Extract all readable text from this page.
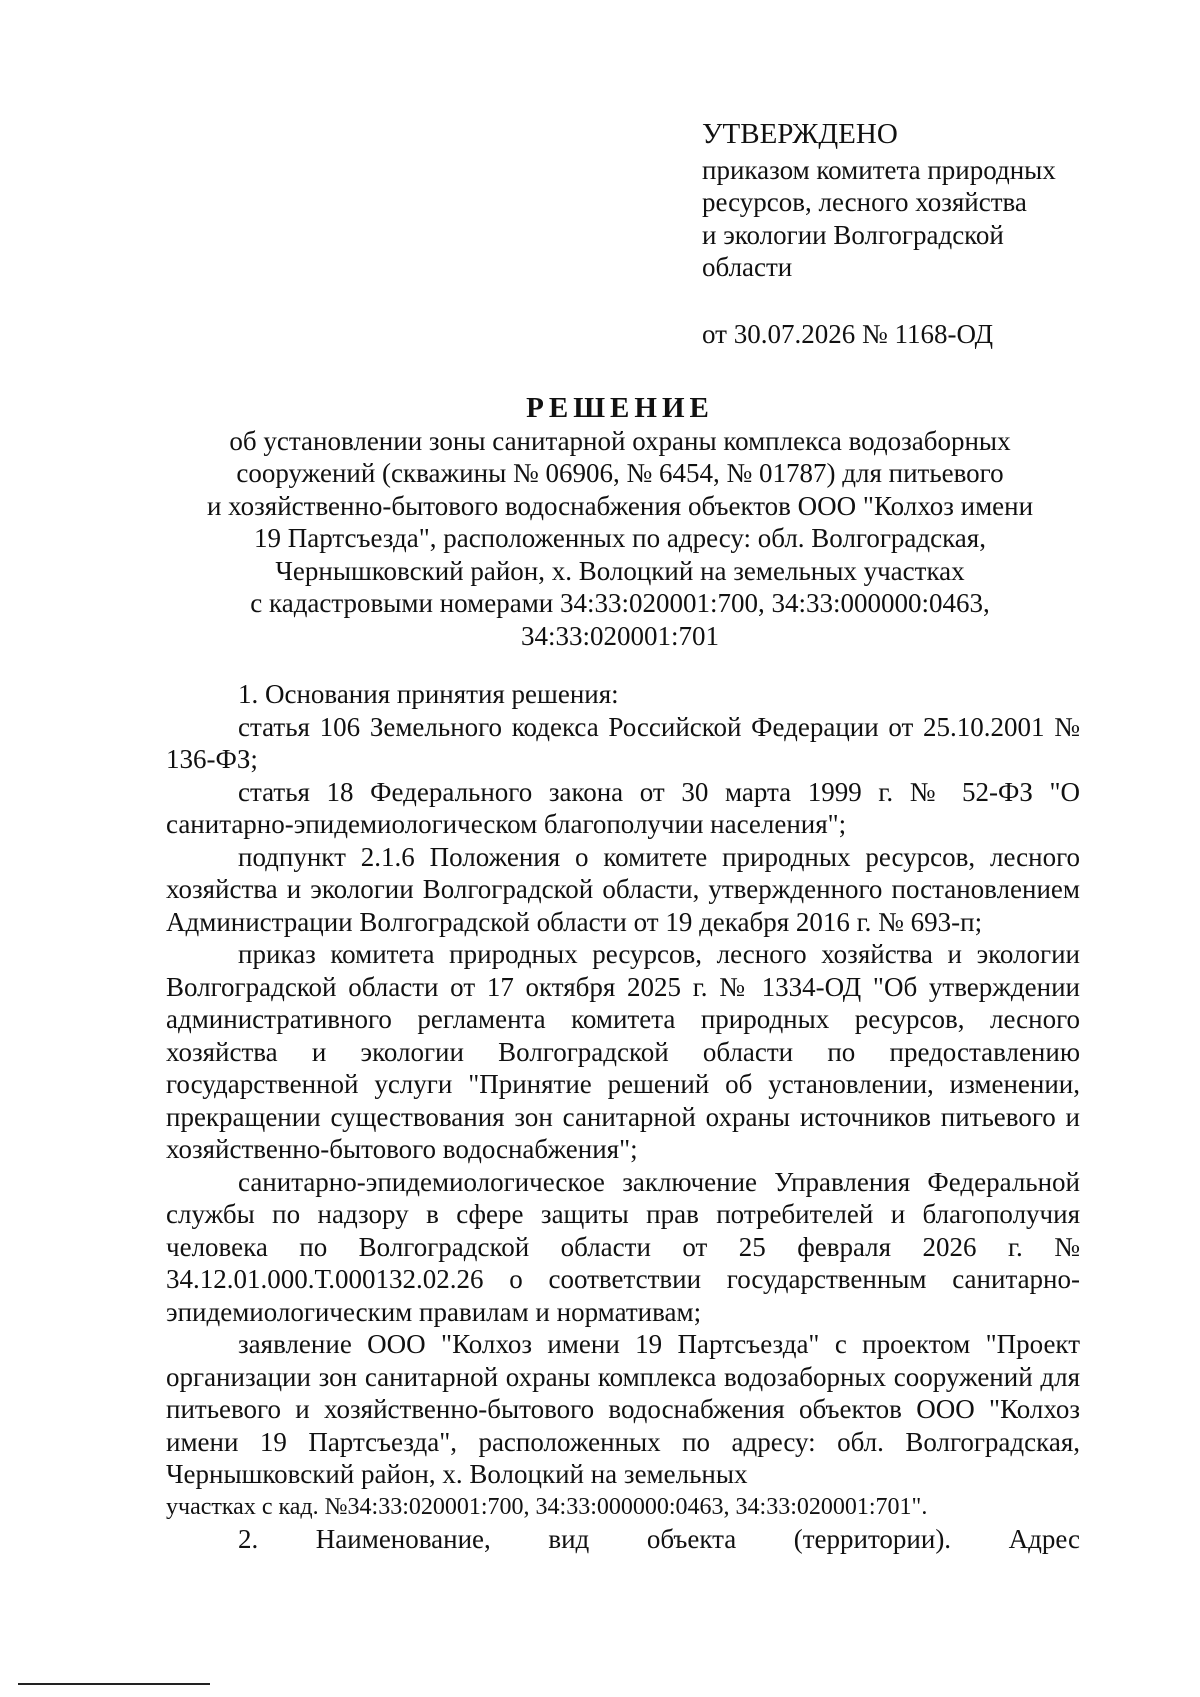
УТВЕРЖДЕНО
приказом комитета природных
ресурсов, лесного хозяйства
и экологии Волгоградской
области
от 30.07.2026 № 1168-ОД
РЕШЕНИЕ
об установлении зоны санитарной охраны комплекса водозаборных
сооружений (скважины № 06906, № 6454, № 01787) для питьевого
и хозяйственно-бытового водоснабжения объектов ООО "Колхоз имени
19 Партсъезда", расположенных по адресу: обл. Волгоградская,
Чернышковский район, х. Волоцкий на земельных участках
с кадастровыми номерами 34:33:020001:700, 34:33:000000:0463,
34:33:020001:701

1. Основания принятия решения:

статья 106 Земельного кодекса Российской Федерации от 25.10.2001 № 136-ФЗ;

статья 18 Федерального закона от 30 марта 1999 г. № 52-ФЗ "О санитарно-эпидемиологическом благополучии населения";

подпункт 2.1.6 Положения о комитете природных ресурсов, лесного хозяйства и экологии Волгоградской области, утвержденного постановлением Администрации Волгоградской области от 19 декабря 2016 г. № 693-п;

приказ комитета природных ресурсов, лесного хозяйства и экологии Волгоградской области от 17 октября 2025 г. № 1334-ОД "Об утверждении административного регламента комитета природных ресурсов, лесного хозяйства и экологии Волгоградской области по предоставлению государственной услуги "Принятие решений об установлении, изменении, прекращении существования зон санитарной охраны источников питьевого и хозяйственно-бытового водоснабжения";

санитарно-эпидемиологическое заключение Управления Федеральной службы по надзору в сфере защиты прав потребителей и благополучия человека по Волгоградской области от 25 февраля 2026 г. № 34.12.01.000.Т.000132.02.26 о соответствии государственным санитарно-эпидемиологическим правилам и нормативам;

заявление ООО "Колхоз имени 19 Партсъезда" с проектом "Проект организации зон санитарной охраны комплекса водозаборных сооружений для питьевого и хозяйственно-бытового водоснабжения объектов ООО "Колхоз имени 19 Партсъезда", расположенных по адресу: обл. Волгоградская, Чернышковский район, х. Волоцкий на земельных

участках с кад. №34:33:020001:700, 34:33:000000:0463, 34:33:020001:701".

2. Наименование, вид объекта (территории). Адрес
